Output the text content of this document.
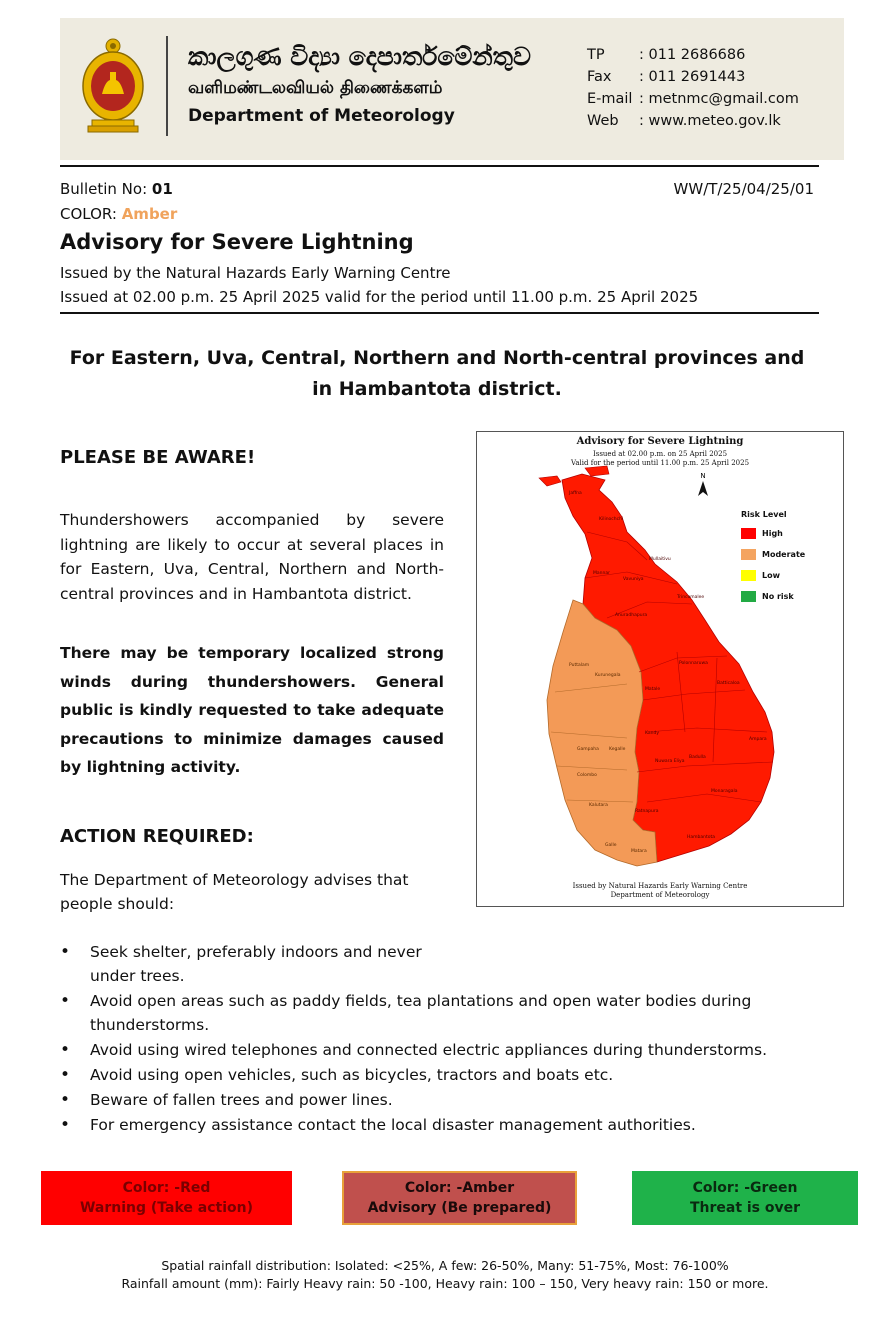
කාලගුණ විද්‍යා දෙපාර්තමේන්තුව
வளிமண்டலவியல் திணைக்களம்
Department of Meteorology
TP	: 011 2686686
Fax	: 011 2691443
E-mail : metnmc@gmail.com
Web	: www.meteo.gov.lk
Bulletin No: 01
COLOR: Amber
WW/T/25/04/25/01
Advisory for Severe Lightning
Issued by the Natural Hazards Early Warning Centre
Issued at 02.00 p.m. 25 April 2025 valid for the period until 11.00 p.m. 25 April 2025
For Eastern, Uva, Central, Northern and North-central provinces and in Hambantota district.
PLEASE BE AWARE!
Thundershowers accompanied by severe lightning are likely to occur at several places in for Eastern, Uva, Central, Northern and North-central provinces and in Hambantota district.
There may be temporary localized strong winds during thundershowers. General public is kindly requested to take adequate precautions to minimize damages caused by lightning activity.
Advisory for Severe Lightning
Issued at 02.00 p.m. on 25 April 2025
Valid for the period until 11.00 p.m. 25 April 2025
N
Jaffna
Kilinochchi
Mannar
Mullaitivu
Vavuniya
Trincomalee
Anuradhapura
Puttalam
Kurunegala
Polonnaruwa
Matale
Batticaloa
Kandy
Kegalle
Gampaha
Colombo
Nuwara Eliya
Badulla
Ampara
Kalutara
Ratnapura
Monaragala
Galle
Matara
Hambantota
Risk Level
High
Moderate
Low
No risk
Issued by Natural Hazards Early Warning Centre
Department of Meteorology
ACTION REQUIRED:
The Department of Meteorology advises that people should:
• Seek shelter, preferably indoors and never under trees.
• Avoid open areas such as paddy fields, tea plantations and open water bodies during thunderstorms.
• Avoid using wired telephones and connected electric appliances during thunderstorms.
• Avoid using open vehicles, such as bicycles, tractors and boats etc.
• Beware of fallen trees and power lines.
• For emergency assistance contact the local disaster management authorities.
Color: -Red
Warning (Take action)
Color: -Amber
Advisory (Be prepared)
Color: -Green
Threat is over
Spatial rainfall distribution: Isolated: <25%, A few: 26-50%, Many: 51-75%, Most: 76-100%
Rainfall amount (mm): Fairly Heavy rain: 50 -100, Heavy rain: 100 – 150, Very heavy rain: 150 or more.
